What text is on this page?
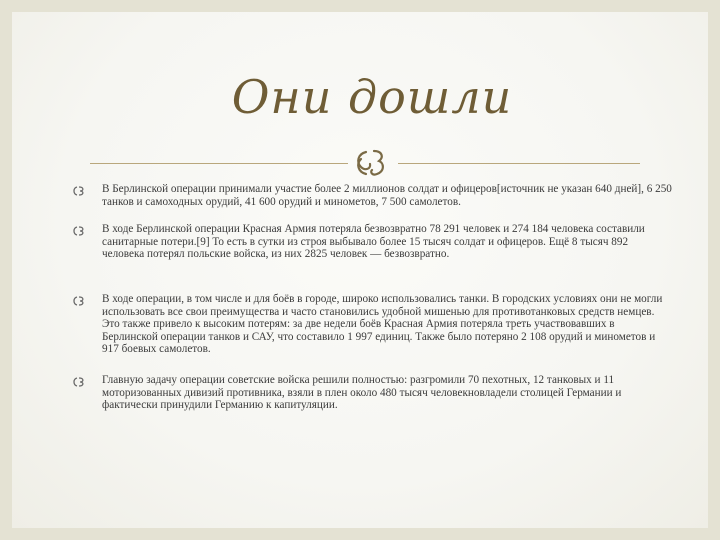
Они дошли
В Берлинской операции принимали участие более 2 миллионов солдат и офицеров[источник не указан 640 дней], 6 250 танков и самоходных орудий, 41 600 орудий и минометов, 7 500 самолетов.
В ходе Берлинской операции Красная Армия потеряла безвозвратно 78 291 человек и 274 184 человека составили санитарные потери.[9] То есть в сутки из строя выбывало более 15 тысяч солдат и офицеров. Ещё 8 тысяч 892 человека потерял польские войска, из них 2825 человек — безвозвратно.
В ходе операции, в том числе и для боёв в городе, широко использовались танки. В городских условиях они не могли использовать все свои преимущества и часто становились удобной мишенью для противотанковых средств немцев. Это также привело к высоким потерям: за две недели боёв Красная Армия потеряла треть участвовавших в Берлинской операции танков и САУ, что составило 1 997 единиц. Также было потеряно 2 108 орудий и минометов и 917 боевых самолетов.
Главную задачу операции советские войска решили полностью: разгромили 70 пехотных, 12 танковых и 11 моторизованных дивизий противника, взяли в плен около 480 тысяч человекновладели столицей Германии и фактически принудили Германию к капитуляции.
